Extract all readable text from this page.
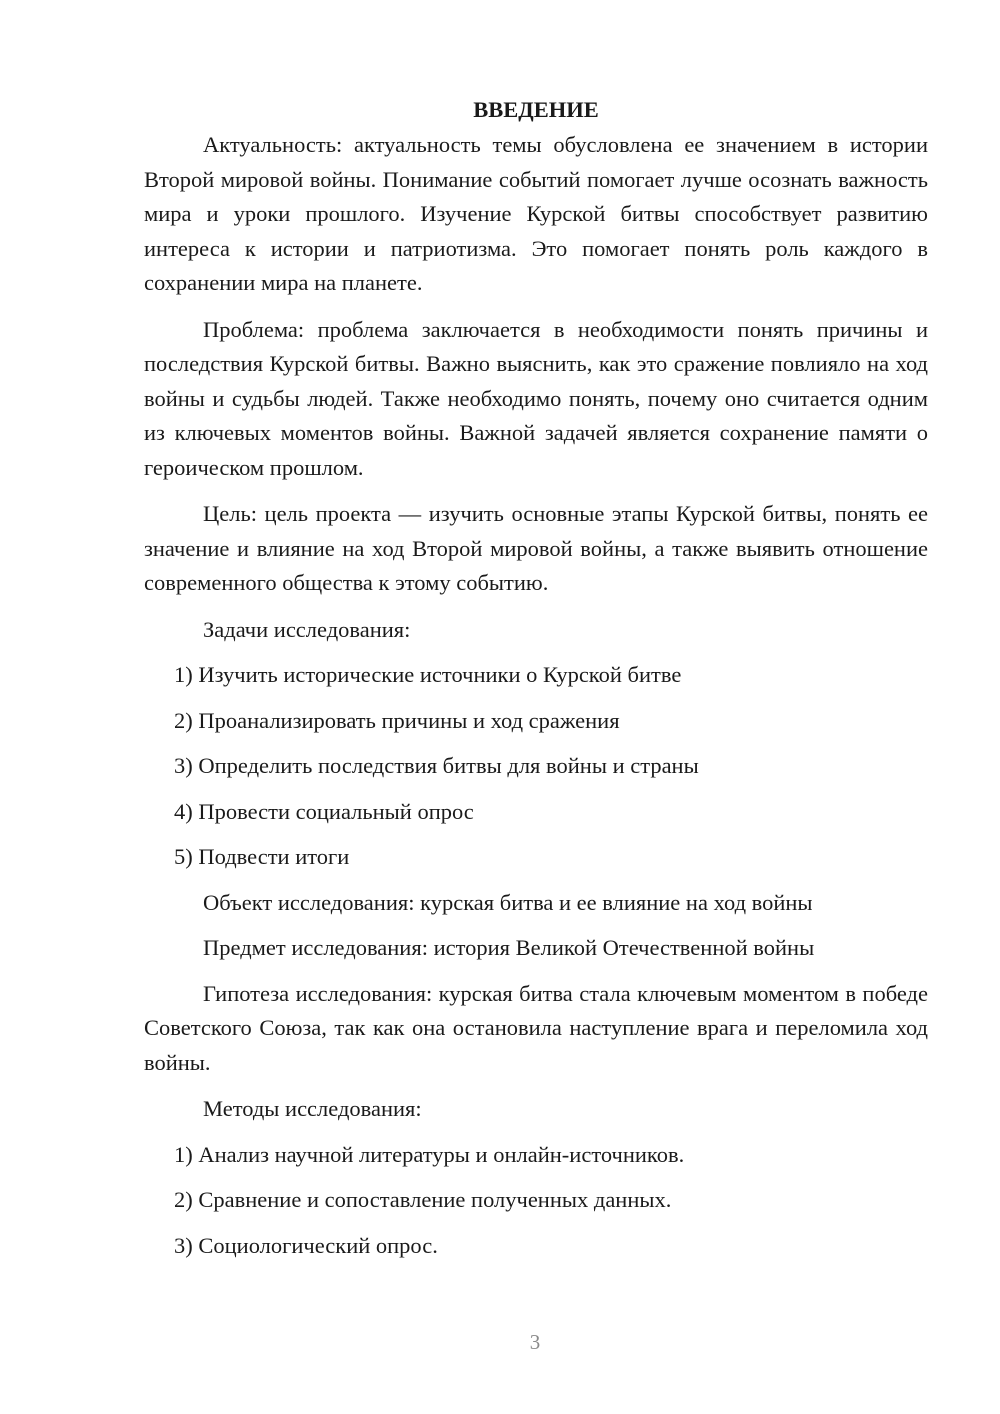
ВВЕДЕНИЕ

Актуальность: актуальность темы обусловлена ее значением в истории Второй мировой войны. Понимание событий помогает лучше осознать важность мира и уроки прошлого. Изучение Курской битвы способствует развитию интереса к истории и патриотизма. Это помогает понять роль каждого в сохранении мира на планете.

Проблема: проблема заключается в необходимости понять причины и последствия Курской битвы. Важно выяснить, как это сражение повлияло на ход войны и судьбы людей. Также необходимо понять, почему оно считается одним из ключевых моментов войны. Важной задачей является сохранение памяти о героическом прошлом.

Цель: цель проекта — изучить основные этапы Курской битвы, понять ее значение и влияние на ход Второй мировой войны, а также выявить отношение современного общества к этому событию.

Задачи исследования:
1) Изучить исторические источники о Курской битве
2) Проанализировать причины и ход сражения
3) Определить последствия битвы для войны и страны
4) Провести социальный опрос
5) Подвести итоги
Объект исследования: курская битва и ее влияние на ход войны
Предмет исследования: история Великой Отечественной войны

Гипотеза исследования: курская битва стала ключевым моментом в победе Советского Союза, так как она остановила наступление врага и переломила ход войны.

Методы исследования:
1) Анализ научной литературы и онлайн-источников.
2) Сравнение и сопоставление полученных данных.
3) Социологический опрос.
3
